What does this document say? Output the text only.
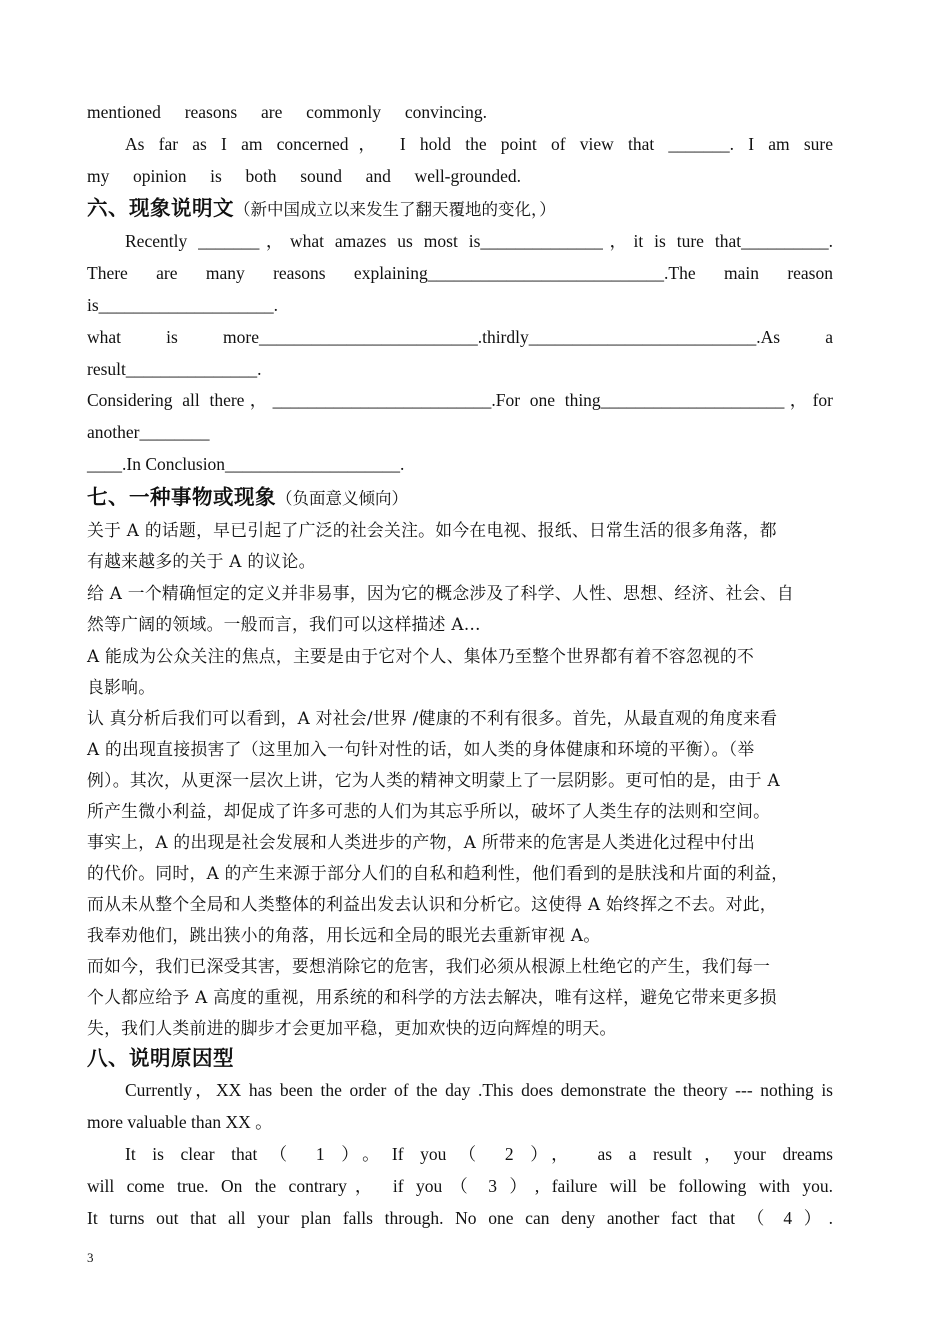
mentioned reasons are commonly convincing.
As far as I am concerned， I hold the point of view that _______. I am sure
my opinion is both sound and well-grounded.
六、现象说明文（新中国成立以来发生了翻天覆地的变化，）
Recently _______，what amazes us most is______________，it is ture that__________.
There are many reasons explaining___________________________.The main reason
is____________________.
what is more_________________________.thirdly__________________________.As a
result_______________.
Considering all there，_________________________.For one thing_____________________，for
another________
____.In Conclusion____________________.
七、一种事物或现象（负面意义倾向）
关于 A 的话题，早已引起了广泛的社会关注。如今在电视、报纸、日常生活的很多角落，都
有越来越多的关于 A 的议论。
给 A 一个精确恒定的定义并非易事，因为它的概念涉及了科学、人性、思想、经济、社会、自
然等广阔的领域。一般而言，我们可以这样描述 A…
A 能成为公众关注的焦点，主要是由于它对个人、集体乃至整个世界都有着不容忽视的不
良影响。
认 真分析后我们可以看到，A 对社会/世界 /健康的不利有很多。首先，从最直观的角度来看
A 的出现直接损害了（这里加入一句针对性的话，如人类的身体健康和环境的平衡）。（举
例）。其次，从更深一层次上讲，它为人类的精神文明蒙上了一层阴影。更可怕的是，由于 A
所产生微小利益，却促成了许多可悲的人们为其忘乎所以，破坏了人类生存的法则和空间。
事实上，A 的出现是社会发展和人类进步的产物，A 所带来的危害是人类进化过程中付出
的代价。同时，A 的产生来源于部分人们的自私和趋利性，他们看到的是肤浅和片面的利益，
而从未从整个全局和人类整体的利益出发去认识和分析它。这使得 A 始终挥之不去。对此，
我奉劝他们，跳出狭小的角落，用长远和全局的眼光去重新审视 A。
而如今，我们已深受其害，要想消除它的危害，我们必须从根源上杜绝它的产生，我们每一
个人都应给予 A 高度的重视，用系统的和科学的方法去解决，唯有这样，避免它带来更多损
失，我们人类前进的脚步才会更加平稳，更加欢快的迈向辉煌的明天。
八、说明原因型
Currently，XX has been the order of the day .This does demonstrate the theory --- nothing is
more valuable than XX 。
It is clear that（ 1 ）。If you（ 2 ）， as a result，your dreams
will come true. On the contrary， if you（ 3 ）, failure will be following with you.
It turns out that all your plan falls through. No one can deny another fact that （ 4 ）.
3
